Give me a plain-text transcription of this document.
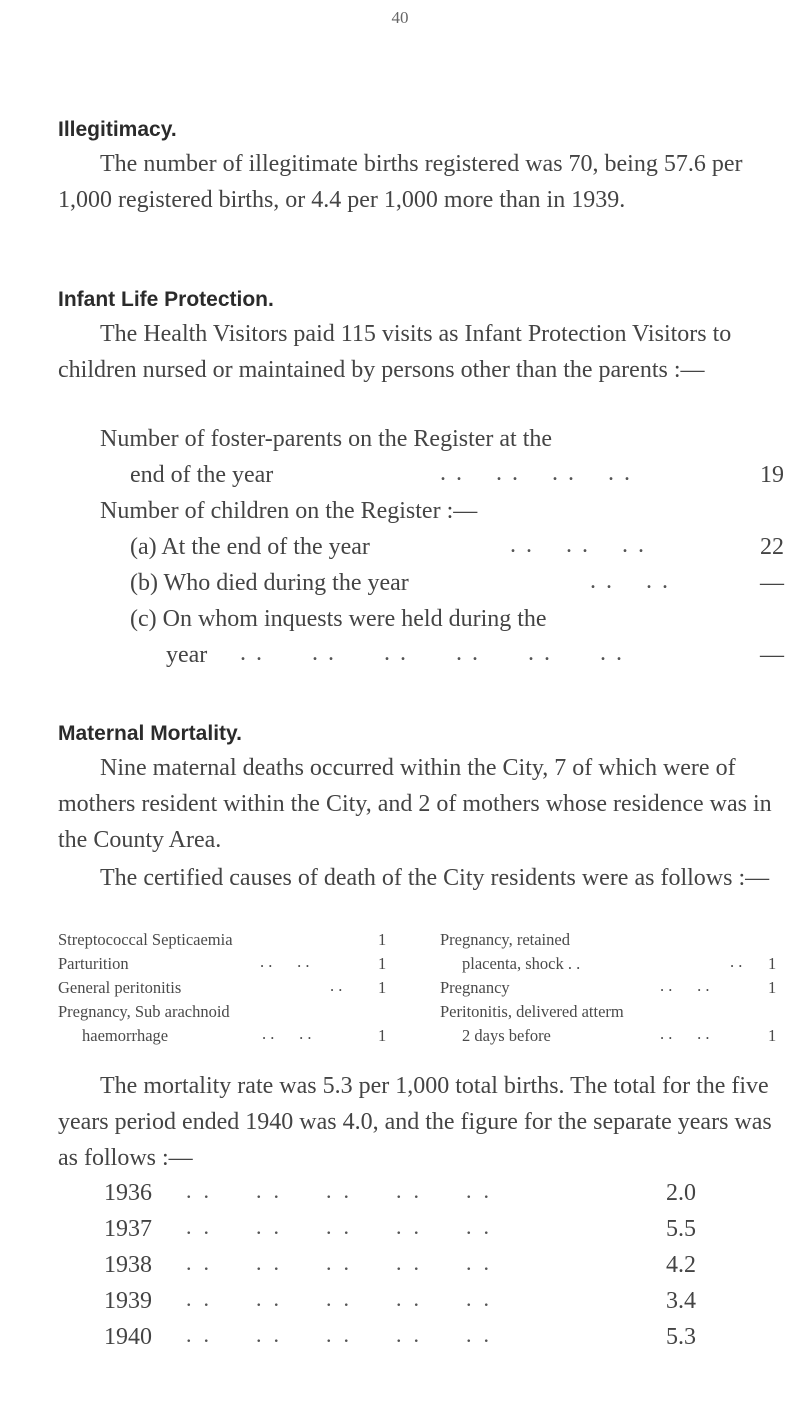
40
Illegitimacy.
The number of illegitimate births registered was 70, being 57.6 per 1,000 registered births, or 4.4 per 1,000 more than in 1939.
Infant Life Protection.
The Health Visitors paid 115 visits as Infant Protection Visitors to children nursed or maintained by persons other than the parents :—
Number of foster-parents on the Register at the
end of the year	. .    . .    . .    . .	19
Number of children on the Register :—
(a) At the end of the year	. .    . .    . .	22
(b) Who died during the year	. .    . .	—
(c) On whom inquests were held during the
year . .      . .      . .      . .      . .      . .	—
Maternal Mortality.
Nine maternal deaths occurred within the City, 7 of which were of mothers resident within the City, and 2 of mothers whose residence was in the County Area.
The certified causes of death of the City residents were as follows :—
Streptococcal Septicaemia	1
Parturition	. .      . .	1
General peritonitis	. . 1
Pregnancy, Sub arachnoid
haemorrhage	. .      . .	1
Pregnancy, retained
placenta, shock . .	. . 1
Pregnancy	. .      . .	1
Peritonitis, delivered atterm
2 days before	. .      . .	1
The mortality rate was 5.3 per 1,000 total births. The total for the five years period ended 1940 was 4.0, and the figure for the separate years was as follows :—
1936 ..  ..  ..  ..  ..	2.0
1937 ..  ..  ..  ..  ..	5.5
1938 ..  ..  ..  ..  ..	4.2
1939 ..  ..  ..  ..  ..	3.4
1940 ..  ..  ..  ..  ..	5.3
